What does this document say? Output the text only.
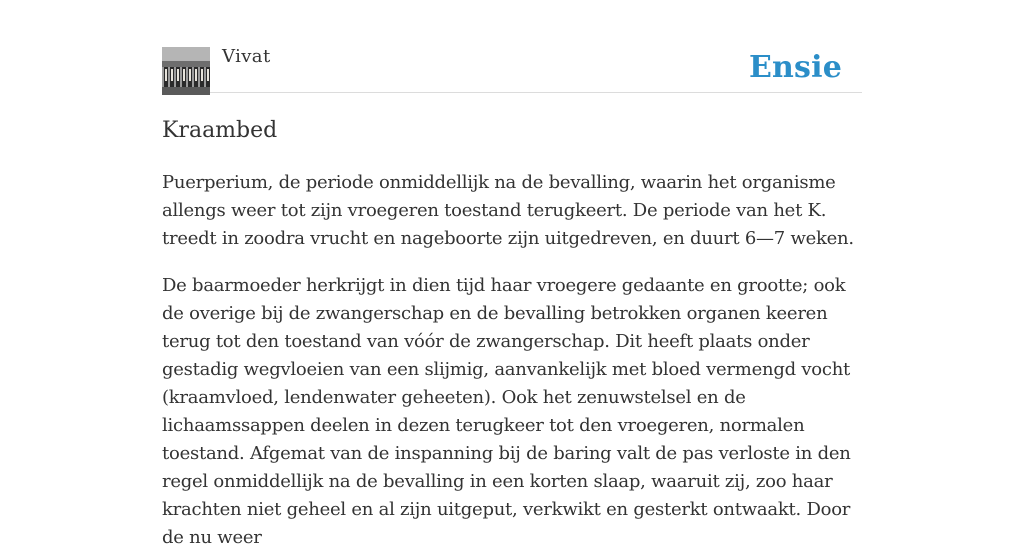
Vivat	Ensie
Kraambed

Puerperium, de periode onmiddellijk na de bevalling, waarin het organisme allengs weer tot zijn vroegeren toestand terugkeert. De periode van het K. treedt in zoodra vrucht en nageboorte zijn uitgedreven, en duurt 6—7 weken.

De baarmoeder herkrijgt in dien tijd haar vroegere gedaante en grootte; ook de overige bij de zwangerschap en de bevalling betrokken organen keeren terug tot den toestand van vóór de zwangerschap. Dit heeft plaats onder gestadig wegvloeien van een slijmig, aanvankelijk met bloed vermengd vocht (kraamvloed, lendenwater geheeten). Ook het zenuwstelsel en de lichaamssappen deelen in dezen terugkeer tot den vroegeren, normalen toestand. Afgemat van de inspanning bij de baring valt de pas verloste in den regel onmiddellijk na de bevalling in een korten slaap, waaruit zij, zoo haar krachten niet geheel en al zijn uitgeput, verkwikt en gesterkt ontwaakt. Door de nu weer
